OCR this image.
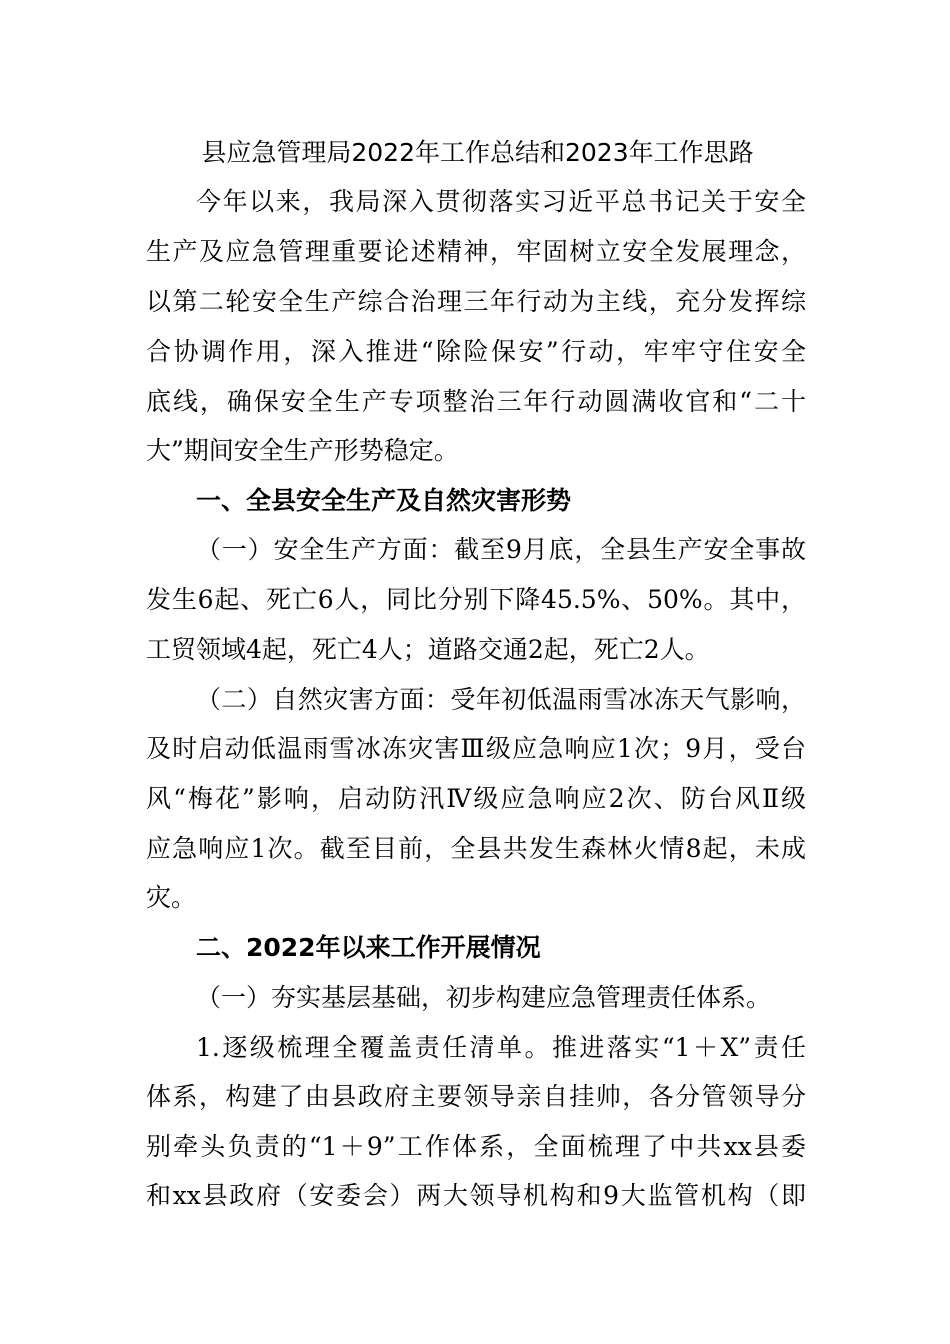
县应急管理局2022年工作总结和2023年工作思路
今年以来，我局深入贯彻落实习近平总书记关于安全
生产及应急管理重要论述精神，牢固树立安全发展理念，
以第二轮安全生产综合治理三年行动为主线，充分发挥综
合协调作用，深入推进“除险保安”行动，牢牢守住安全
底线，确保安全生产专项整治三年行动圆满收官和“二十
大”期间安全生产形势稳定。
一、全县安全生产及自然灾害形势
（一）安全生产方面：截至9月底，全县生产安全事故
发生6起、死亡6人，同比分别下降45.5%、50%。其中，
工贸领域4起，死亡4人；道路交通2起，死亡2人。
（二）自然灾害方面：受年初低温雨雪冰冻天气影响，
及时启动低温雨雪冰冻灾害Ⅲ级应急响应1次；9月，受台
风“梅花”影响，启动防汛Ⅳ级应急响应2次、防台风Ⅱ级
应急响应1次。截至目前，全县共发生森林火情8起，未成
灾。
二、2022年以来工作开展情况
（一）夯实基层基础，初步构建应急管理责任体系。
1.逐级梳理全覆盖责任清单。推进落实“1＋X”责任
体系，构建了由县政府主要领导亲自挂帅，各分管领导分
别牵头负责的“1＋9”工作体系，全面梳理了中共xx县委
和xx县政府（安委会）两大领导机构和9大监管机构（即
